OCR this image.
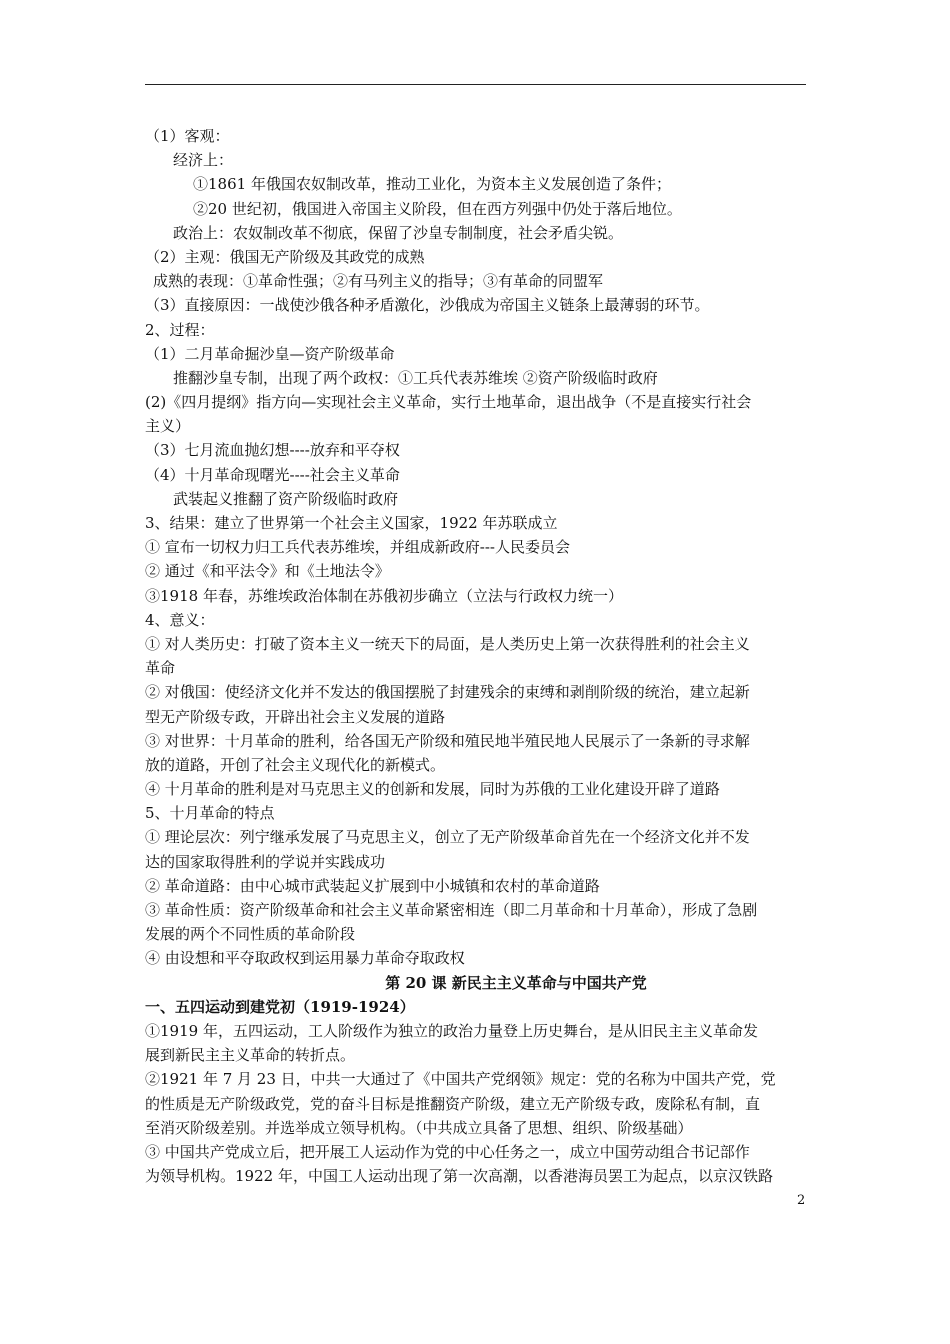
（1）客观：
经济上：
①1861 年俄国农奴制改革，推动工业化，为资本主义发展创造了条件；
②20 世纪初，俄国进入帝国主义阶段，但在西方列强中仍处于落后地位。
政治上：农奴制改革不彻底，保留了沙皇专制制度，社会矛盾尖锐。
（2）主观：俄国无产阶级及其政党的成熟
成熟的表现：①革命性强；②有马列主义的指导；③有革命的同盟军
（3）直接原因：一战使沙俄各种矛盾激化，沙俄成为帝国主义链条上最薄弱的环节。
2、过程：
（1）二月革命掘沙皇—资产阶级革命
推翻沙皇专制，出现了两个政权：①工兵代表苏维埃 ②资产阶级临时政府
(2)《四月提纲》指方向—实现社会主义革命，实行土地革命，退出战争（不是直接实行社会
主义）
（3）七月流血抛幻想----放弃和平夺权
（4）十月革命现曙光----社会主义革命
武装起义推翻了资产阶级临时政府
3、结果：建立了世界第一个社会主义国家，1922 年苏联成立
① 宣布一切权力归工兵代表苏维埃，并组成新政府---人民委员会
② 通过《和平法令》和《土地法令》
③1918 年春，苏维埃政治体制在苏俄初步确立（立法与行政权力统一）
4、意义：
① 对人类历史：打破了资本主义一统天下的局面，是人类历史上第一次获得胜利的社会主义
革命
② 对俄国：使经济文化并不发达的俄国摆脱了封建残余的束缚和剥削阶级的统治，建立起新
型无产阶级专政，开辟出社会主义发展的道路
③ 对世界：十月革命的胜利，给各国无产阶级和殖民地半殖民地人民展示了一条新的寻求解
放的道路，开创了社会主义现代化的新模式。
④ 十月革命的胜利是对马克思主义的创新和发展，同时为苏俄的工业化建设开辟了道路
5、十月革命的特点
① 理论层次：列宁继承发展了马克思主义，创立了无产阶级革命首先在一个经济文化并不发
达的国家取得胜利的学说并实践成功
② 革命道路：由中心城市武装起义扩展到中小城镇和农村的革命道路
③ 革命性质：资产阶级革命和社会主义革命紧密相连（即二月革命和十月革命），形成了急剧
发展的两个不同性质的革命阶段
④ 由设想和平夺取政权到运用暴力革命夺取政权
第 20 课 新民主主义革命与中国共产党
一、五四运动到建党初（1919-1924）
①1919 年，五四运动，工人阶级作为独立的政治力量登上历史舞台，是从旧民主主义革命发
展到新民主主义革命的转折点。
②1921 年 7 月 23 日，中共一大通过了《中国共产党纲领》规定：党的名称为中国共产党，党
的性质是无产阶级政党，党的奋斗目标是推翻资产阶级，建立无产阶级专政，废除私有制，直
至消灭阶级差别。并选举成立领导机构。（中共成立具备了思想、组织、阶级基础）
③ 中国共产党成立后，把开展工人运动作为党的中心任务之一，成立中国劳动组合书记部作
为领导机构。1922 年，中国工人运动出现了第一次高潮，以香港海员罢工为起点，以京汉铁路
2
